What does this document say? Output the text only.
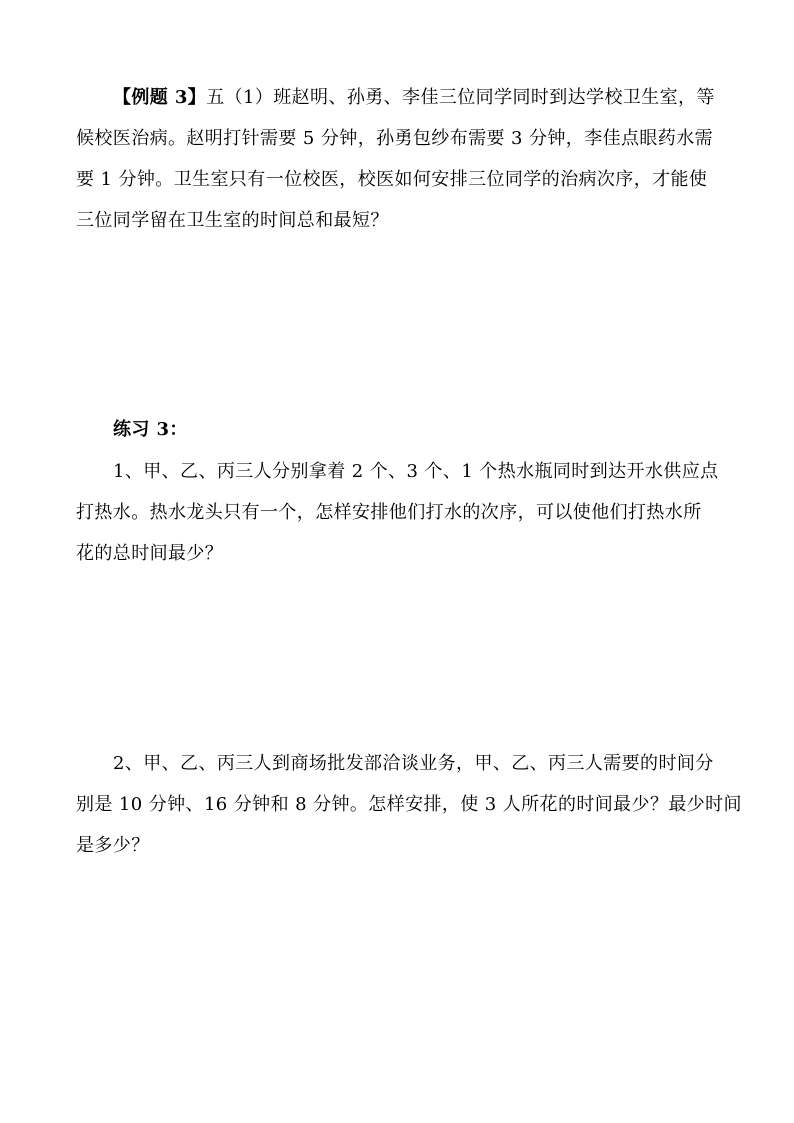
【例题 3】五（1）班赵明、孙勇、李佳三位同学同时到达学校卫生室，等
候校医治病。赵明打针需要 5 分钟，孙勇包纱布需要 3 分钟，李佳点眼药水需
要 1 分钟。卫生室只有一位校医，校医如何安排三位同学的治病次序，才能使
三位同学留在卫生室的时间总和最短？
练习 3：
1、甲、乙、丙三人分别拿着 2 个、3 个、1 个热水瓶同时到达开水供应点
打热水。热水龙头只有一个，怎样安排他们打水的次序，可以使他们打热水所
花的总时间最少？
2、甲、乙、丙三人到商场批发部洽谈业务，甲、乙、丙三人需要的时间分
别是 10 分钟、16 分钟和 8 分钟。怎样安排，使 3 人所花的时间最少？最少时间
是多少？
